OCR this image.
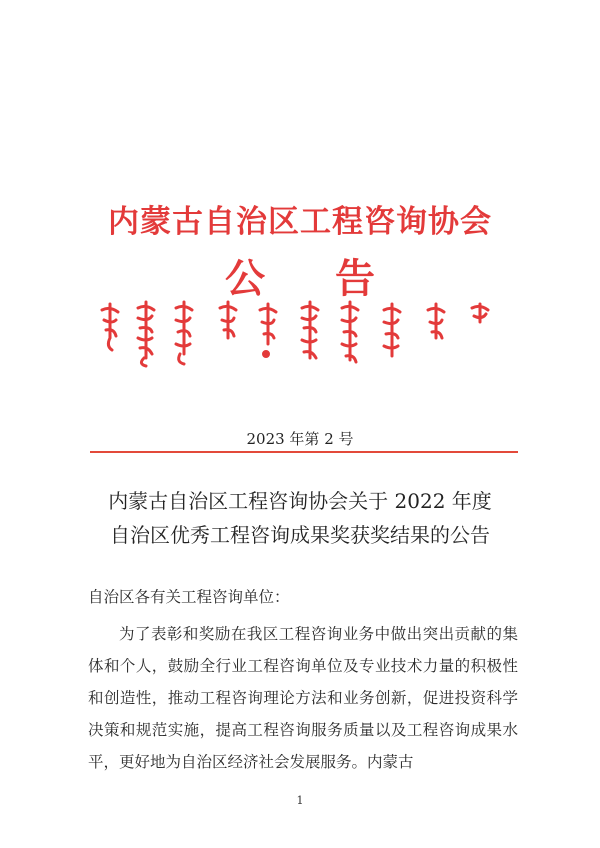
内蒙古自治区工程咨询协会
公告
2023 年第 2 号
内蒙古自治区工程咨询协会关于 2022 年度
自治区优秀工程咨询成果奖获奖结果的公告
自治区各有关工程咨询单位：
为了表彰和奖励在我区工程咨询业务中做出突出贡献的集体和个人，鼓励全行业工程咨询单位及专业技术力量的积极性和创造性，推动工程咨询理论方法和业务创新，促进投资科学决策和规范实施，提高工程咨询服务质量以及工程咨询成果水平，更好地为自治区经济社会发展服务。内蒙古
1
